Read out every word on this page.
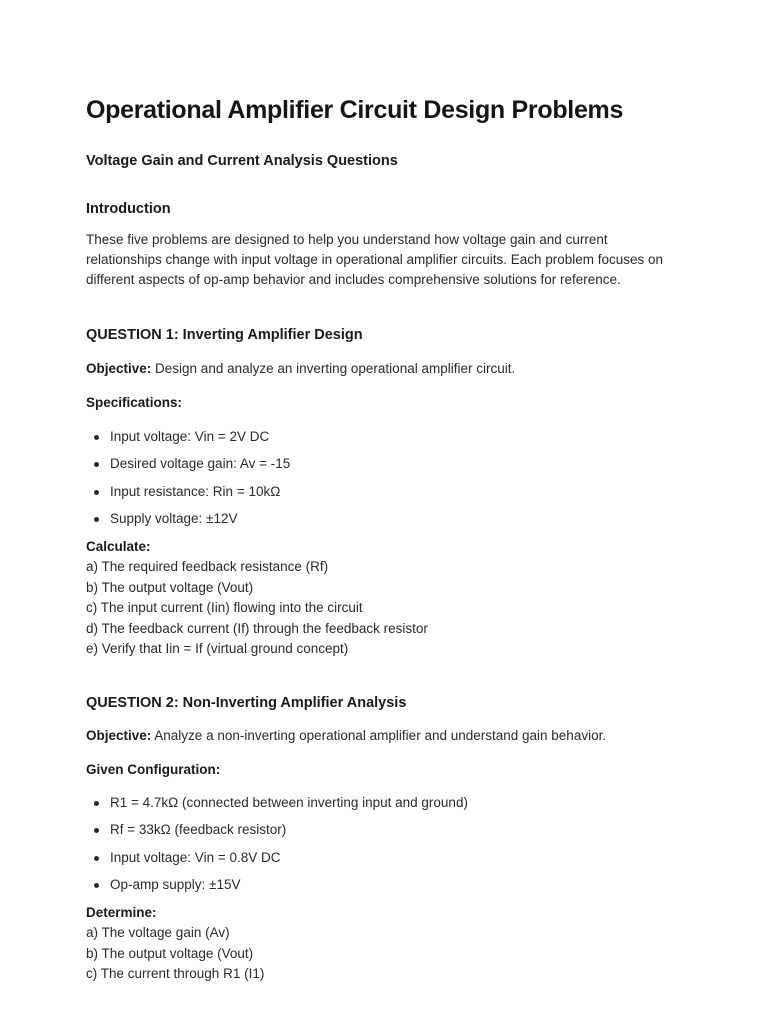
Operational Amplifier Circuit Design Problems

Voltage Gain and Current Analysis Questions

Introduction

These five problems are designed to help you understand how voltage gain and current relationships change with input voltage in operational amplifier circuits. Each problem focuses on different aspects of op-amp behavior and includes comprehensive solutions for reference.

QUESTION 1: Inverting Amplifier Design

Objective: Design and analyze an inverting operational amplifier circuit.

Specifications:

Input voltage: Vin = 2V DC
Desired voltage gain: Av = -15
Input resistance: Rin = 10kΩ
Supply voltage: ±12V
Calculate:
a) The required feedback resistance (Rf)
b) The output voltage (Vout)
c) The input current (Iin) flowing into the circuit
d) The feedback current (If) through the feedback resistor
e) Verify that Iin = If (virtual ground concept)

QUESTION 2: Non-Inverting Amplifier Analysis

Objective: Analyze a non-inverting operational amplifier and understand gain behavior.

Given Configuration:

R1 = 4.7kΩ (connected between inverting input and ground)
Rf = 33kΩ (feedback resistor)
Input voltage: Vin = 0.8V DC
Op-amp supply: ±15V
Determine:
a) The voltage gain (Av)
b) The output voltage (Vout)
c) The current through R1 (I1)
